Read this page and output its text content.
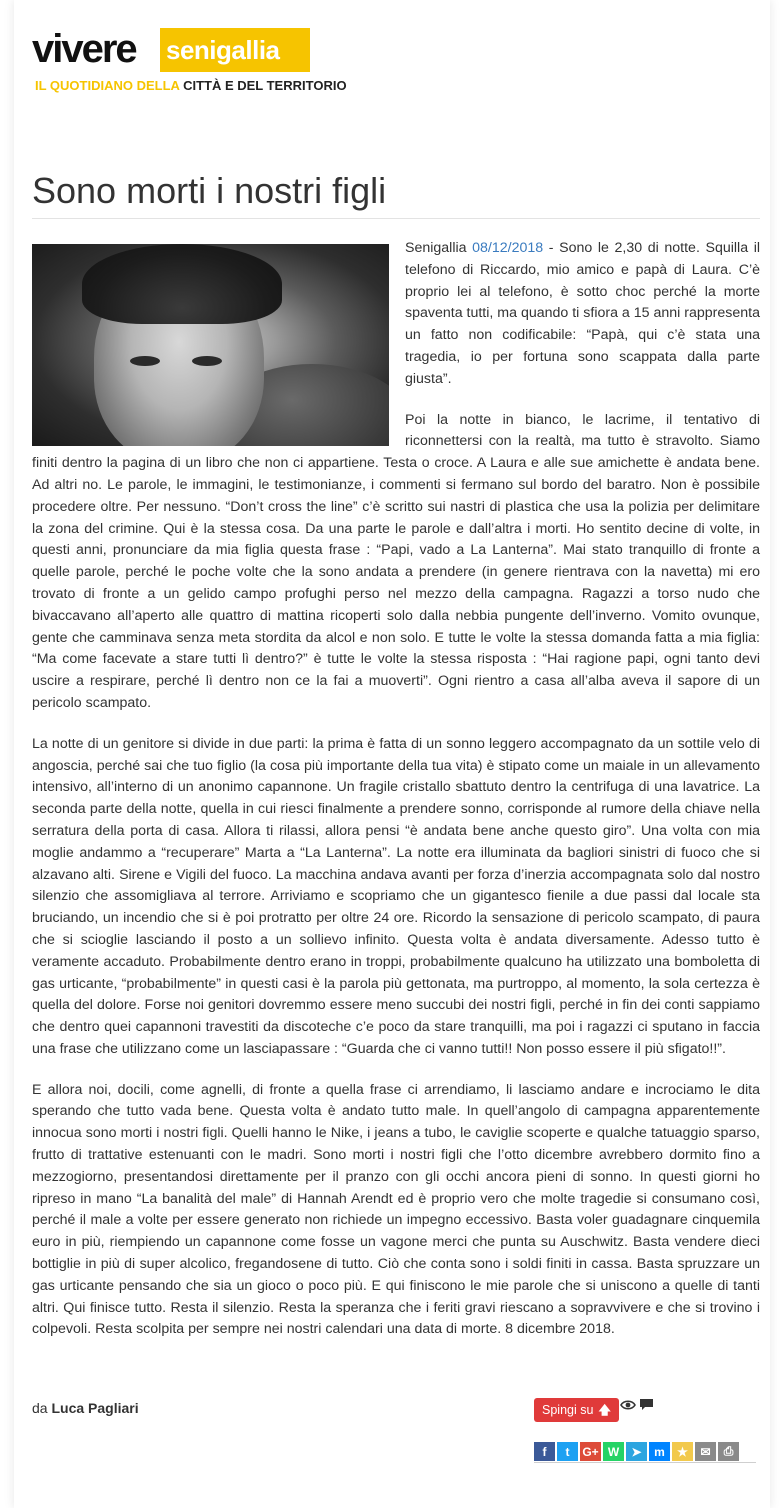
vivere senigallia
IL QUOTIDIANO DELLA CITTÀ E DEL TERRITORIO
Sono morti i nostri figli

Senigallia 08/12/2018 - Sono le 2,30 di notte. Squilla il telefono di Riccardo, mio amico e papà di Laura. C’è proprio lei al telefono, è sotto choc perché la morte spaventa tutti, ma quando ti sfiora a 15 anni rappresenta un fatto non codificabile: “Papà, qui c’è stata una tragedia, io per fortuna sono scappata dalla parte giusta”.

Poi la notte in bianco, le lacrime, il tentativo di riconnettersi con la realtà, ma tutto è stravolto. Siamo finiti dentro la pagina di un libro che non ci appartiene. Testa o croce. A Laura e alle sue amichette è andata bene. Ad altri no. Le parole, le immagini, le testimonianze, i commenti si fermano sul bordo del baratro. Non è possibile procedere oltre. Per nessuno. “Don’t cross the line” c’è scritto sui nastri di plastica che usa la polizia per delimitare la zona del crimine. Qui è la stessa cosa. Da una parte le parole e dall’altra i morti. Ho sentito decine di volte, in questi anni, pronunciare da mia figlia questa frase : “Papi, vado a La Lanterna”. Mai stato tranquillo di fronte a quelle parole, perché le poche volte che la sono andata a prendere (in genere rientrava con la navetta) mi ero trovato di fronte a un gelido campo profughi perso nel mezzo della campagna. Ragazzi a torso nudo che bivaccavano all’aperto alle quattro di mattina ricoperti solo dalla nebbia pungente dell’inverno. Vomito ovunque, gente che camminava senza meta stordita da alcol e non solo. E tutte le volte la stessa domanda fatta a mia figlia: “Ma come facevate a stare tutti lì dentro?” è tutte le volte la stessa risposta : “Hai ragione papi, ogni tanto devi uscire a respirare, perché lì dentro non ce la fai a muoverti”. Ogni rientro a casa all’alba aveva il sapore di un pericolo scampato.

La notte di un genitore si divide in due parti: la prima è fatta di un sonno leggero accompagnato da un sottile velo di angoscia, perché sai che tuo figlio (la cosa più importante della tua vita) è stipato come un maiale in un allevamento intensivo, all’interno di un anonimo capannone. Un fragile cristallo sbattuto dentro la centrifuga di una lavatrice. La seconda parte della notte, quella in cui riesci finalmente a prendere sonno, corrisponde al rumore della chiave nella serratura della porta di casa. Allora ti rilassi, allora pensi “è andata bene anche questo giro”. Una volta con mia moglie andammo a “recuperare” Marta a “La Lanterna”. La notte era illuminata da bagliori sinistri di fuoco che si alzavano alti. Sirene e Vigili del fuoco. La macchina andava avanti per forza d’inerzia accompagnata solo dal nostro silenzio che assomigliava al terrore. Arriviamo e scopriamo che un gigantesco fienile a due passi dal locale sta bruciando, un incendio che si è poi protratto per oltre 24 ore. Ricordo la sensazione di pericolo scampato, di paura che si scioglie lasciando il posto a un sollievo infinito. Questa volta è andata diversamente. Adesso tutto è veramente accaduto. Probabilmente dentro erano in troppi, probabilmente qualcuno ha utilizzato una bomboletta di gas urticante, “probabilmente” in questi casi è la parola più gettonata, ma purtroppo, al momento, la sola certezza è quella del dolore. Forse noi genitori dovremmo essere meno succubi dei nostri figli, perché in fin dei conti sappiamo che dentro quei capannoni travestiti da discoteche c’e poco da stare tranquilli, ma poi i ragazzi ci sputano in faccia una frase che utilizzano come un lasciapassare : “Guarda che ci vanno tutti!! Non posso essere il più sfigato!!”.

E allora noi, docili, come agnelli, di fronte a quella frase ci arrendiamo, li lasciamo andare e incrociamo le dita sperando che tutto vada bene. Questa volta è andato tutto male. In quell’angolo di campagna apparentemente innocua sono morti i nostri figli. Quelli hanno le Nike, i jeans a tubo, le caviglie scoperte e qualche tatuaggio sparso, frutto di trattative estenuanti con le madri. Sono morti i nostri figli che l’otto dicembre avrebbero dormito fino a mezzogiorno, presentandosi direttamente per il pranzo con gli occhi ancora pieni di sonno. In questi giorni ho ripreso in mano “La banalità del male” di Hannah Arendt ed è proprio vero che molte tragedie si consumano così, perché il male a volte per essere generato non richiede un impegno eccessivo. Basta voler guadagnare cinquemila euro in più, riempiendo un capannone come fosse un vagone merci che punta su Auschwitz. Basta vendere dieci bottiglie in più di super alcolico, fregandosene di tutto. Ciò che conta sono i soldi finiti in cassa. Basta spruzzare un gas urticante pensando che sia un gioco o poco più. E qui finiscono le mie parole che si uniscono a quelle di tanti altri. Qui finisce tutto. Resta il silenzio. Resta la speranza che i feriti gravi riescano a sopravvivere e che si trovino i colpevoli. Resta scolpita per sempre nei nostri calendari una data di morte. 8 dicembre 2018.

da Luca Pagliari	Spingi su 🡅
f	t	G+ W	➤	m	★	✉	⎙
